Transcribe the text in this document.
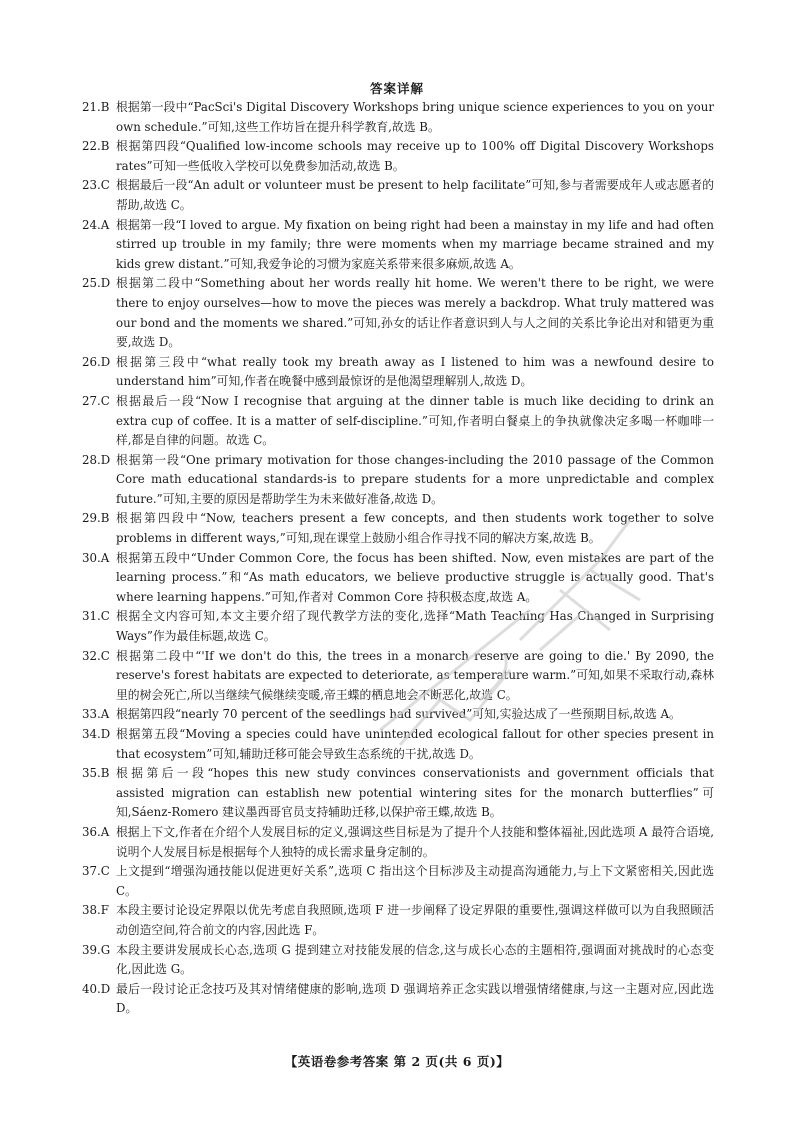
答案详解
21.B 根据第一段中“PacSci's Digital Discovery Workshops bring unique science experiences to you on your own schedule.”可知,这些工作坊旨在提升科学教育,故选 B。
22.B 根据第四段“Qualified low-income schools may receive up to 100% off Digital Discovery Workshops rates”可知一些低收入学校可以免费参加活动,故选 B。
23.C 根据最后一段“An adult or volunteer must be present to help facilitate”可知,参与者需要成年人或志愿者的帮助,故选 C。
24.A 根据第一段“I loved to argue. My fixation on being right had been a mainstay in my life and had often stirred up trouble in my family; thre were moments when my marriage became strained and my kids grew distant.”可知,我爱争论的习惯为家庭关系带来很多麻烦,故选 A。
25.D 根据第二段中“Something about her words really hit home. We weren't there to be right, we were there to enjoy ourselves—how to move the pieces was merely a backdrop. What truly mattered was our bond and the moments we shared.”可知,孙女的话让作者意识到人与人之间的关系比争论出对和错更为重要,故选 D。
26.D 根据第三段中“what really took my breath away as I listened to him was a newfound desire to understand him”可知,作者在晚餐中感到最惊讶的是他渴望理解别人,故选 D。
27.C 根据最后一段“Now I recognise that arguing at the dinner table is much like deciding to drink an extra cup of coffee. It is a matter of self-discipline.”可知,作者明白餐桌上的争执就像决定多喝一杯咖啡一样,都是自律的问题。故选 C。
28.D 根据第一段“One primary motivation for those changes-including the 2010 passage of the Common Core math educational standards-is to prepare students for a more unpredictable and complex future.”可知,主要的原因是帮助学生为未来做好准备,故选 D。
29.B 根据第四段中“Now, teachers present a few concepts, and then students work together to solve problems in different ways,”可知,现在课堂上鼓励小组合作寻找不同的解决方案,故选 B。
30.A 根据第五段中“Under Common Core, the focus has been shifted. Now, even mistakes are part of the learning process.”和“As math educators, we believe productive struggle is actually good. That's where learning happens.”可知,作者对 Common Core 持积极态度,故选 A。
31.C 根据全文内容可知,本文主要介绍了现代教学方法的变化,选择“Math Teaching Has Changed in Surprising Ways”作为最佳标题,故选 C。
32.C 根据第二段中“'If we don't do this, the trees in a monarch reserve are going to die.' By 2090, the reserve's forest habitats are expected to deteriorate, as temperature warm.”可知,如果不采取行动,森林里的树会死亡,所以当继续气候继续变暖,帝王蝶的栖息地会不断恶化,故选 C。
33.A 根据第四段“nearly 70 percent of the seedlings had survived”可知,实验达成了一些预期目标,故选 A。
34.D 根据第五段“Moving a species could have unintended ecological fallout for other species present in that ecosystem”可知,辅助迁移可能会导致生态系统的干扰,故选 D。
35.B 根据第后一段“hopes this new study convinces conservationists and government officials that assisted migration can establish new potential wintering sites for the monarch butterflies”可知,Sáenz-Romero 建议墨西哥官员支持辅助迁移,以保护帝王蝶,故选 B。
36.A 根据上下文,作者在介绍个人发展目标的定义,强调这些目标是为了提升个人技能和整体福祉,因此选项 A 最符合语境,说明个人发展目标是根据每个人独特的成长需求量身定制的。
37.C 上文提到“增强沟通技能以促进更好关系”,选项 C 指出这个目标涉及主动提高沟通能力,与上下文紧密相关,因此选 C。
38.F 本段主要讨论设定界限以优先考虑自我照顾,选项 F 进一步阐释了设定界限的重要性,强调这样做可以为自我照顾活动创造空间,符合前文的内容,因此选 F。
39.G 本段主要讲发展成长心态,选项 G 提到建立对技能发展的信念,这与成长心态的主题相符,强调面对挑战时的心态变化,因此选 G。
40.D 最后一段讨论正念技巧及其对情绪健康的影响,选项 D 强调培养正念实践以增强情绪健康,与这一主题对应,因此选 D。
【英语卷参考答案 第 2 页(共 6 页)】
